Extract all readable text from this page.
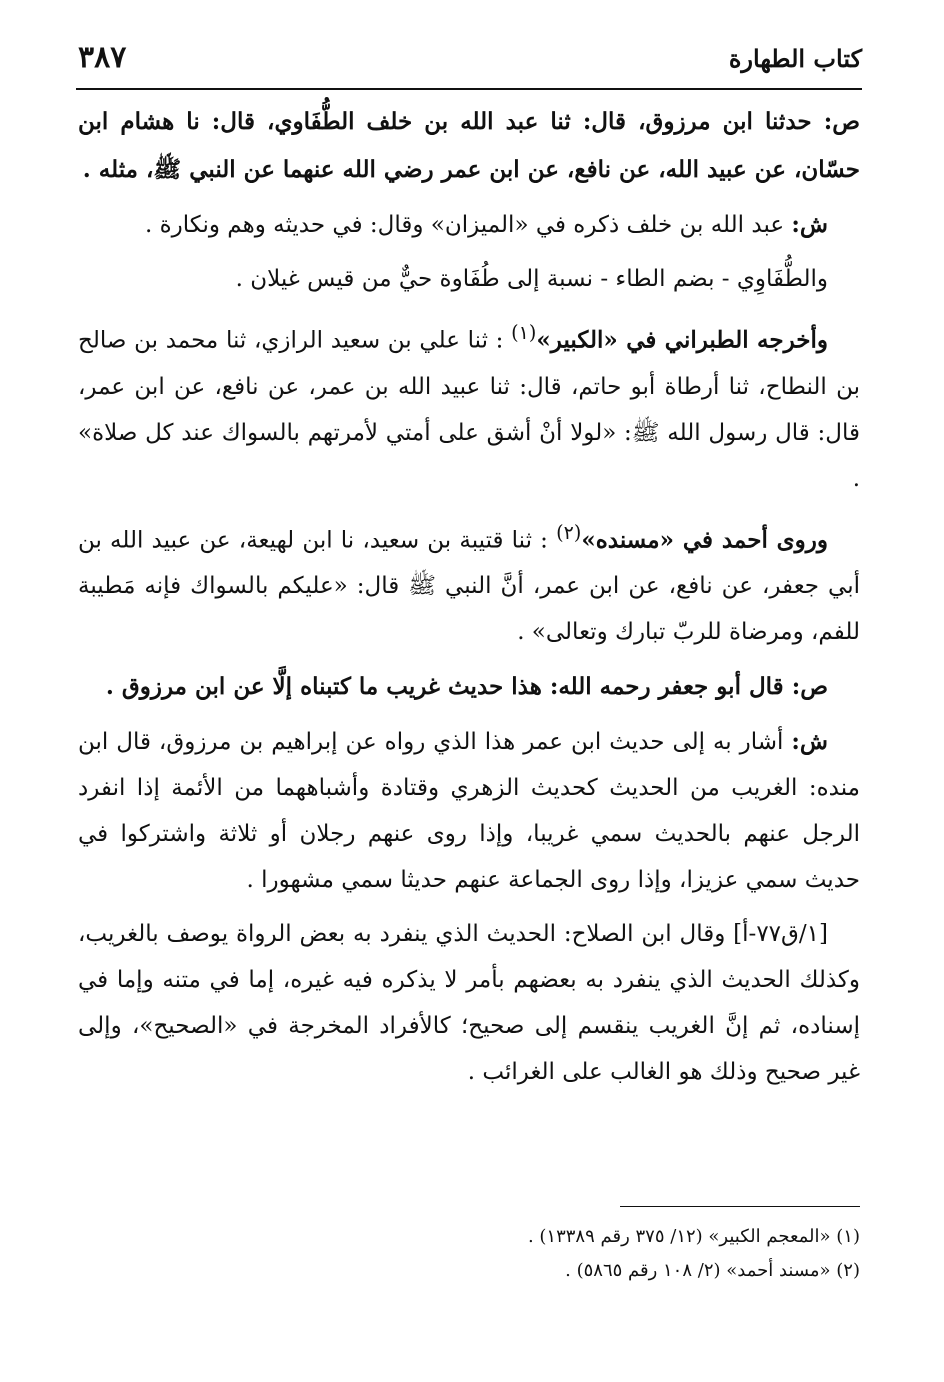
٣٨٧	كتاب الطهارة

ص: حدثنا ابن مرزوق، قال: ثنا عبد الله بن خلف الطُّفَاوي، قال: نا هشام ابن حسّان، عن عبيد الله، عن نافع، عن ابن عمر رضي الله عنهما عن النبي ﷺ، مثله .

ش: عبد الله بن خلف ذكره في «الميزان» وقال: في حديثه وهم ونكارة .

والطُّفَاوِي - بضم الطاء - نسبة إلى طُفَاوة حيٌّ من قيس غيلان .

وأخرجه الطبراني في «الكبير»$^{(١)}$ : ثنا علي بن سعيد الرازي، ثنا محمد بن صالح بن النطاح، ثنا أرطاة أبو حاتم، قال: ثنا عبيد الله بن عمر، عن نافع، عن ابن عمر، قال: قال رسول الله ﷺ: «لولا أنْ أشق على أمتي لأمرتهم بالسواك عند كل صلاة» .

وروى أحمد في «مسنده»$^{(٢)}$ : ثنا قتيبة بن سعيد، نا ابن لهيعة، عن عبيد الله بن أبي جعفر، عن نافع، عن ابن عمر، أنَّ النبي ﷺ قال: «عليكم بالسواك فإنه مَطيبة للفم، ومرضاة للربّ تبارك وتعالى» .

ص: قال أبو جعفر رحمه الله: هذا حديث غريب ما كتبناه إلَّا عن ابن مرزوق .

ش: أشار به إلى حديث ابن عمر هذا الذي رواه عن إبراهيم بن مرزوق، قال ابن منده: الغريب من الحديث كحديث الزهري وقتادة وأشباههما من الأئمة إذا انفرد الرجل عنهم بالحديث سمي غريبا، وإذا روى عنهم رجلان أو ثلاثة واشتركوا في حديث سمي عزيزا، وإذا روى الجماعة عنهم حديثا سمي مشهورا .

[١/ق٧٧-أ] وقال ابن الصلاح: الحديث الذي ينفرد به بعض الرواة يوصف بالغريب، وكذلك الحديث الذي ينفرد به بعضهم بأمر لا يذكره فيه غيره، إما في متنه وإما في إسناده، ثم إنَّ الغريب ينقسم إلى صحيح؛ كالأفراد المخرجة في «الصحيح»، وإلى غير صحيح وذلك هو الغالب على الغرائب .

(١) «المعجم الكبير» (١٢/ ٣٧٥ رقم ١٣٣٨٩) .

(٢) «مسند أحمد» (٢/ ١٠٨ رقم ٥٨٦٥) .
